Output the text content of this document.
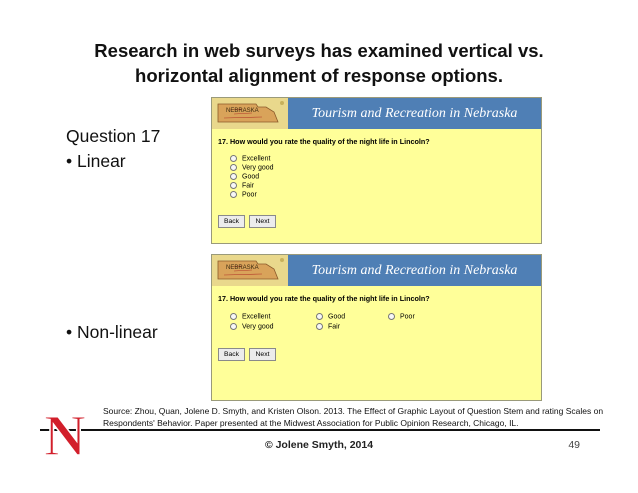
Research in web surveys has examined vertical vs.
horizontal alignment of response options.
Question 17
• Linear
• Non-linear
NEBRASKA	Tourism and Recreation in Nebraska
17. How would you rate the quality of the night life in Lincoln?
Excellent
Very good
Good
Fair
Poor
Back	Next
NEBRASKA	Tourism and Recreation in Nebraska
17. How would you rate the quality of the night life in Lincoln?
Excellent
Very good
Good
Fair
Poor
Back	Next
Source: Zhou, Quan, Jolene D. Smyth, and Kristen Olson. 2013. The Effect of Graphic Layout of Question Stem and rating Scales on Respondents' Behavior. Paper presented at the Midwest Association for Public Opinion Research, Chicago, IL.
N	© Jolene Smyth, 2014	49
